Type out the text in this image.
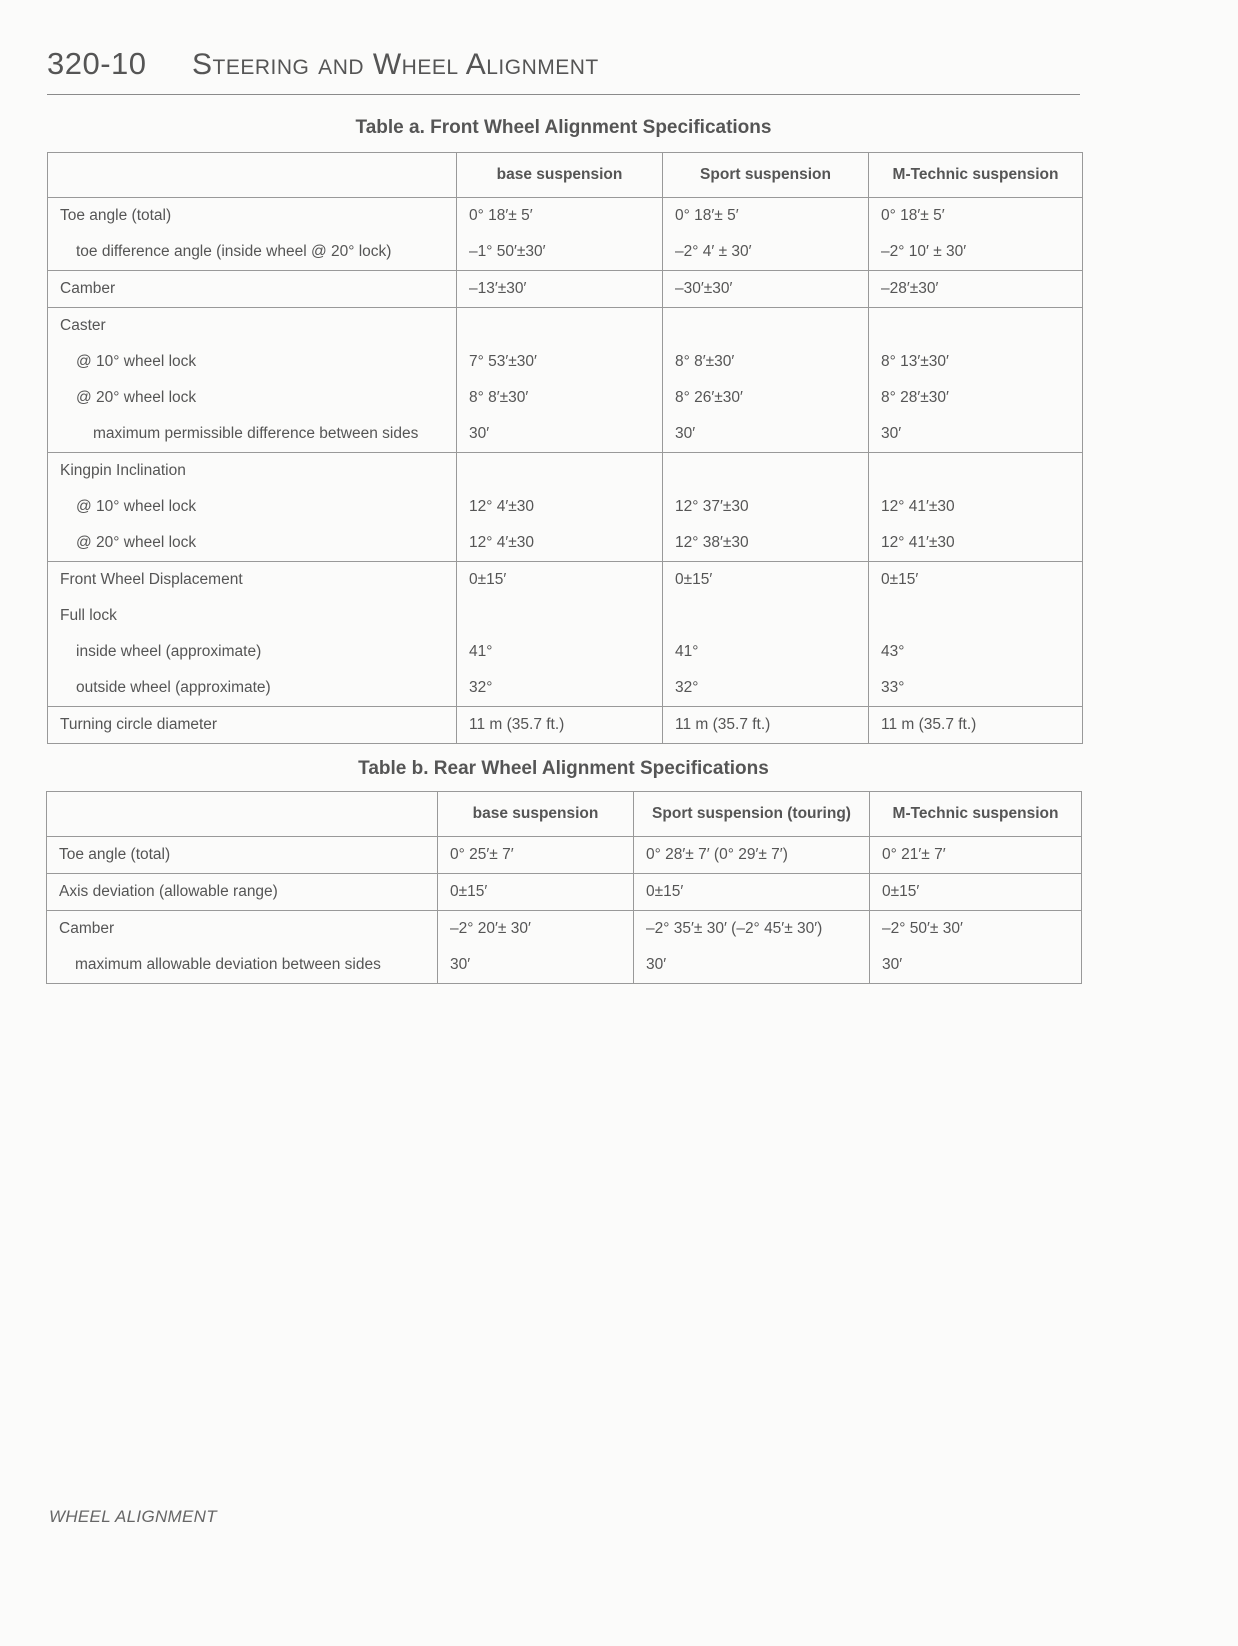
320-10 Steering and Wheel Alignment
Table a. Front Wheel Alignment Specifications
	base suspension	Sport suspension	M-Technic suspension
Toe angle (total)	0° 18′± 5′	0° 18′± 5′	0° 18′± 5′
toe difference angle (inside wheel @ 20° lock)	–1° 50′±30′	–2° 4′ ± 30′	–2° 10′ ± 30′
Camber	–13′±30′	–30′±30′	–28′±30′
Caster			
@ 10° wheel lock	7° 53′±30′	8° 8′±30′	8° 13′±30′
@ 20° wheel lock	8° 8′±30′	8° 26′±30′	8° 28′±30′
maximum permissible difference between sides	30′	30′	30′
Kingpin Inclination			
@ 10° wheel lock	12° 4′±30	12° 37′±30	12° 41′±30
@ 20° wheel lock	12° 4′±30	12° 38′±30	12° 41′±30
Front Wheel Displacement	0±15′	0±15′	0±15′
Full lock			
inside wheel (approximate)	41°	41°	43°
outside wheel (approximate)	32°	32°	33°
Turning circle diameter	11 m (35.7 ft.)	11 m (35.7 ft.)	11 m (35.7 ft.)
Table b. Rear Wheel Alignment Specifications
	base suspension	Sport suspension (touring)	M-Technic suspension
Toe angle (total)	0° 25′± 7′	0° 28′± 7′ (0° 29′± 7′)	0° 21′± 7′
Axis deviation (allowable range)	0±15′	0±15′	0±15′
Camber	–2° 20′± 30′	–2° 35′± 30′ (–2° 45′± 30′)	–2° 50′± 30′
maximum allowable deviation between sides	30′	30′	30′
WHEEL ALIGNMENT
